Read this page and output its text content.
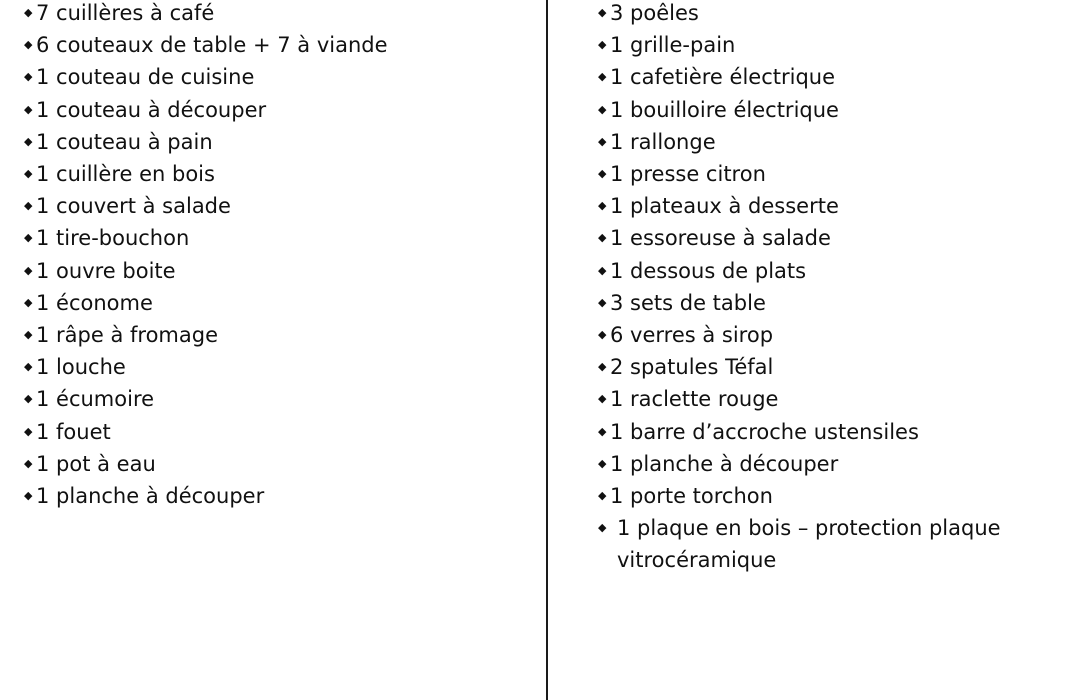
◆ 7 cuillères à café
◆ 6 couteaux de table + 7 à viande
◆ 1 couteau de cuisine
◆ 1 couteau à découper
◆ 1 couteau à pain
◆ 1 cuillère en bois
◆ 1 couvert à salade
◆ 1 tire-bouchon
◆ 1 ouvre boite
◆ 1 économe
◆ 1 râpe à fromage
◆ 1 louche
◆ 1 écumoire
◆ 1 fouet
◆ 1 pot à eau
◆ 1 planche à découper
◆ 3 poêles
◆ 1 grille-pain
◆ 1 cafetière électrique
◆ 1 bouilloire électrique
◆ 1 rallonge
◆ 1 presse citron
◆ 1 plateaux à desserte
◆ 1 essoreuse à salade
◆ 1 dessous de plats
◆ 3 sets de table
◆ 6 verres à sirop
◆ 2 spatules Téfal
◆ 1 raclette rouge
◆ 1 barre d’accroche ustensiles
◆ 1 planche à découper
◆ 1 porte torchon
◆ 1 plaque en bois – protection plaque vitrocéramique
